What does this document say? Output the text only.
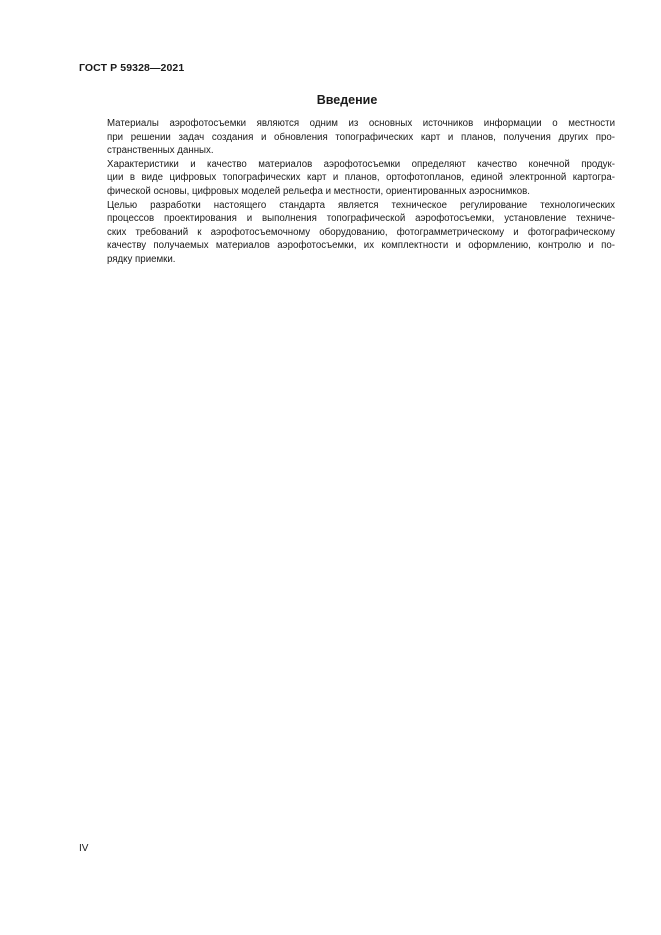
ГОСТ Р 59328—2021
Введение

Материалы аэрофотосъемки являются одним из основных источников информации о местности
при решении задач создания и обновления топографических карт и планов, получения других про-
странственных данных.

Характеристики и качество материалов аэрофотосъемки определяют качество конечной продук-
ции в виде цифровых топографических карт и планов, ортофотопланов, единой электронной картогра-
фической основы, цифровых моделей рельефа и местности, ориентированных аэроснимков.

Целью разработки настоящего стандарта является техническое регулирование технологических
процессов проектирования и выполнения топографической аэрофотосъемки, установление техниче-
ских требований к аэрофотосъемочному оборудованию, фотограмметрическому и фотографическому
качеству получаемых материалов аэрофотосъемки, их комплектности и оформлению, контролю и по-
рядку приемки.

IV
